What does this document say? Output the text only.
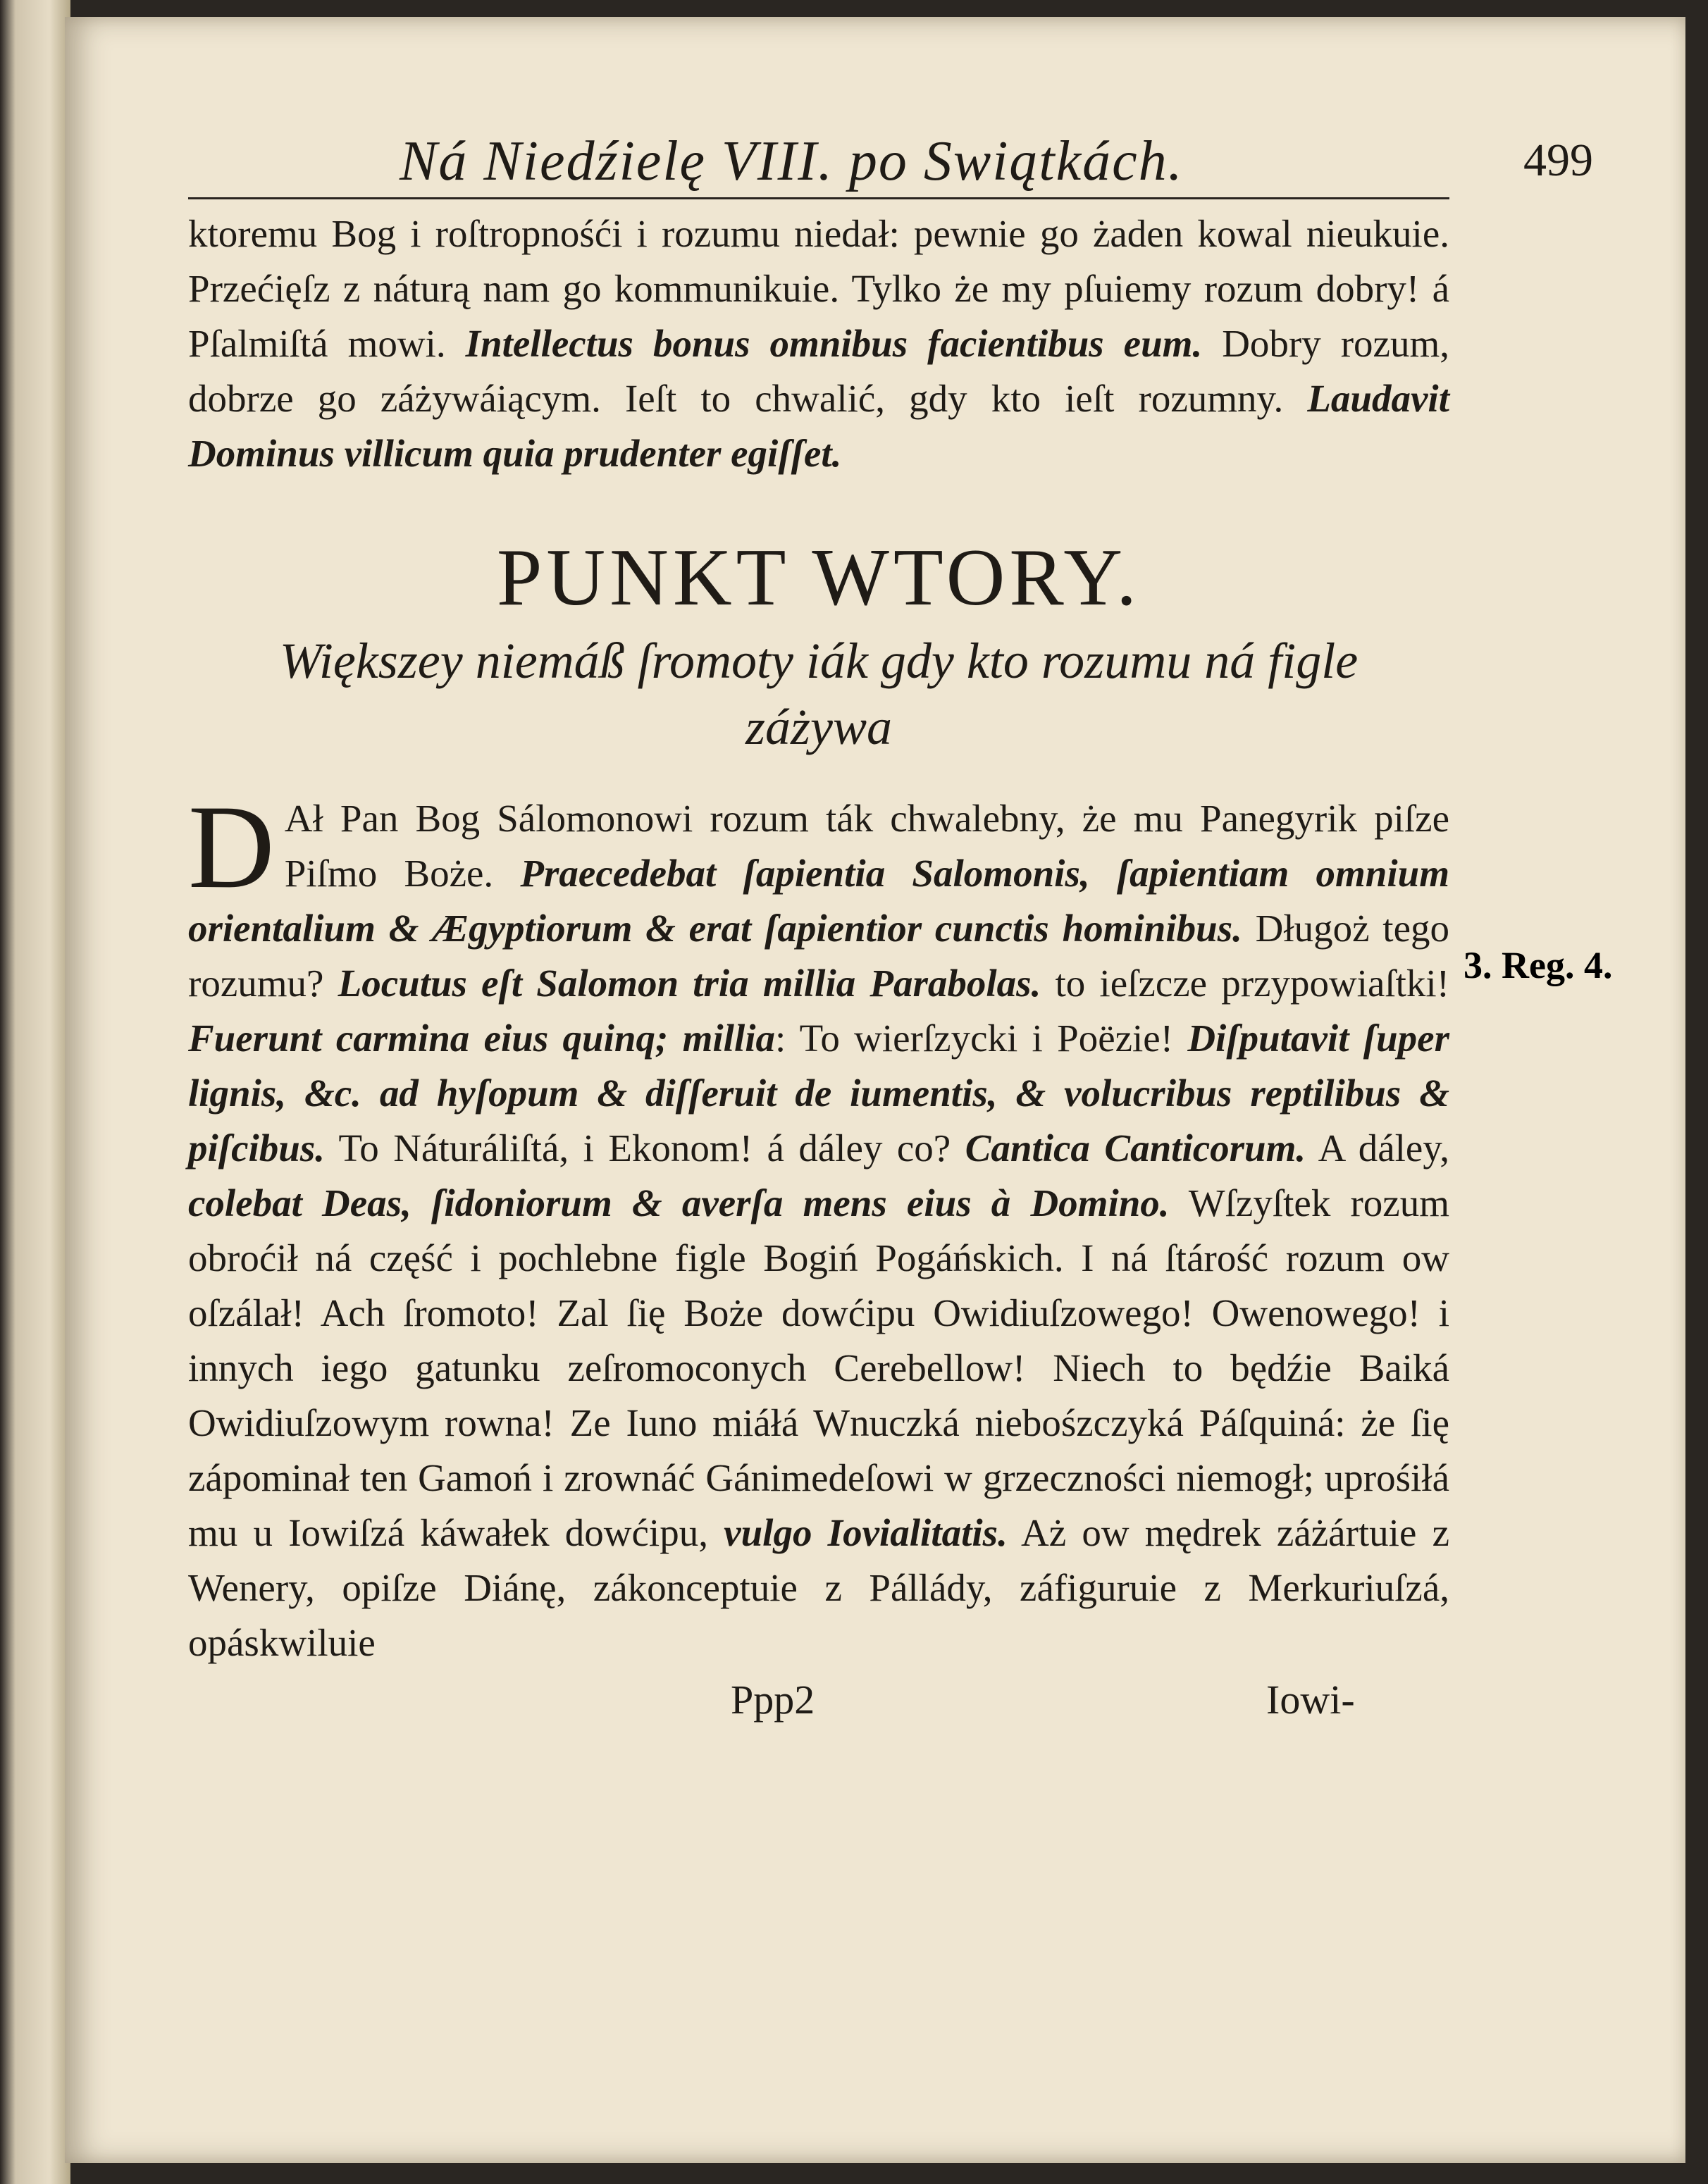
Ná Niedźielę VIII. po Swiątkách.	499

ktoremu Bog i roſtropnośći i rozumu niedał: pewnie go żaden kowal nieukuie. Przećięſz z náturą nam go kommunikuie. Tylko że my pſuiemy rozum dobry! á Pſalmiſtá mowi. Intellectus bonus omnibus facientibus eum. Dobry rozum, dobrze go záżywáiącym. Ieſt to chwalić, gdy kto ieſt rozumny. Laudavit Dominus villicum quia prudenter egiſſet.

PUNKT WTORY.
Większey niemáß ſromoty iák gdy kto rozumu ná figle záżywa

D Ał Pan Bog Sálomonowi rozum ták chwalebny, że mu Panegyrik piſze Piſmo Boże. Praecedebat ſapientia Salomonis, ſapientiam omnium orientalium & Ægyptiorum & erat ſapientior cunctis hominibus. Długoż tego rozumu? Locutus eſt Salomon tria millia Parabolas. to ieſzcze przypowiaſtki! Fuerunt carmina eius quinq; millia: To wierſzycki i Poëzie! Diſputavit ſuper lignis, &c. ad hyſopum & diſſeruit de iumentis, & volucribus reptilibus & piſcibus. To Náturáliſtá, i Ekonom! á dáley co? Cantica Canticorum. A dáley, colebat Deas, ſidoniorum & averſa mens eius à Domino. Wſzyſtek rozum obroćił ná część i pochlebne figle Bogiń Pogáńskich. I ná ſtárość rozum ow oſzálał! Ach ſromoto! Zal ſię Boże dowćipu Owidiuſzowego! Owenowego! i innych iego gatunku zeſromoconych Cerebellow! Niech to będźie Baiká Owidiuſzowym rowna! Ze Iuno miáłá Wnuczká niebośzczyká Páſquiná: że ſię zápominał ten Gamoń i zrownáć Gánimedeſowi w grzeczności niemogł; uprośiłá mu u Iowiſzá káwałek dowćipu, vulgo Iovialitatis. Aż ow mędrek záżártuie z Wenery, opiſze Diánę, zákonceptuie z Pállády, záfiguruie z Merkuriuſzá, opáskwiluie

Ppp2	Iowi-
3. Reg. 4.
